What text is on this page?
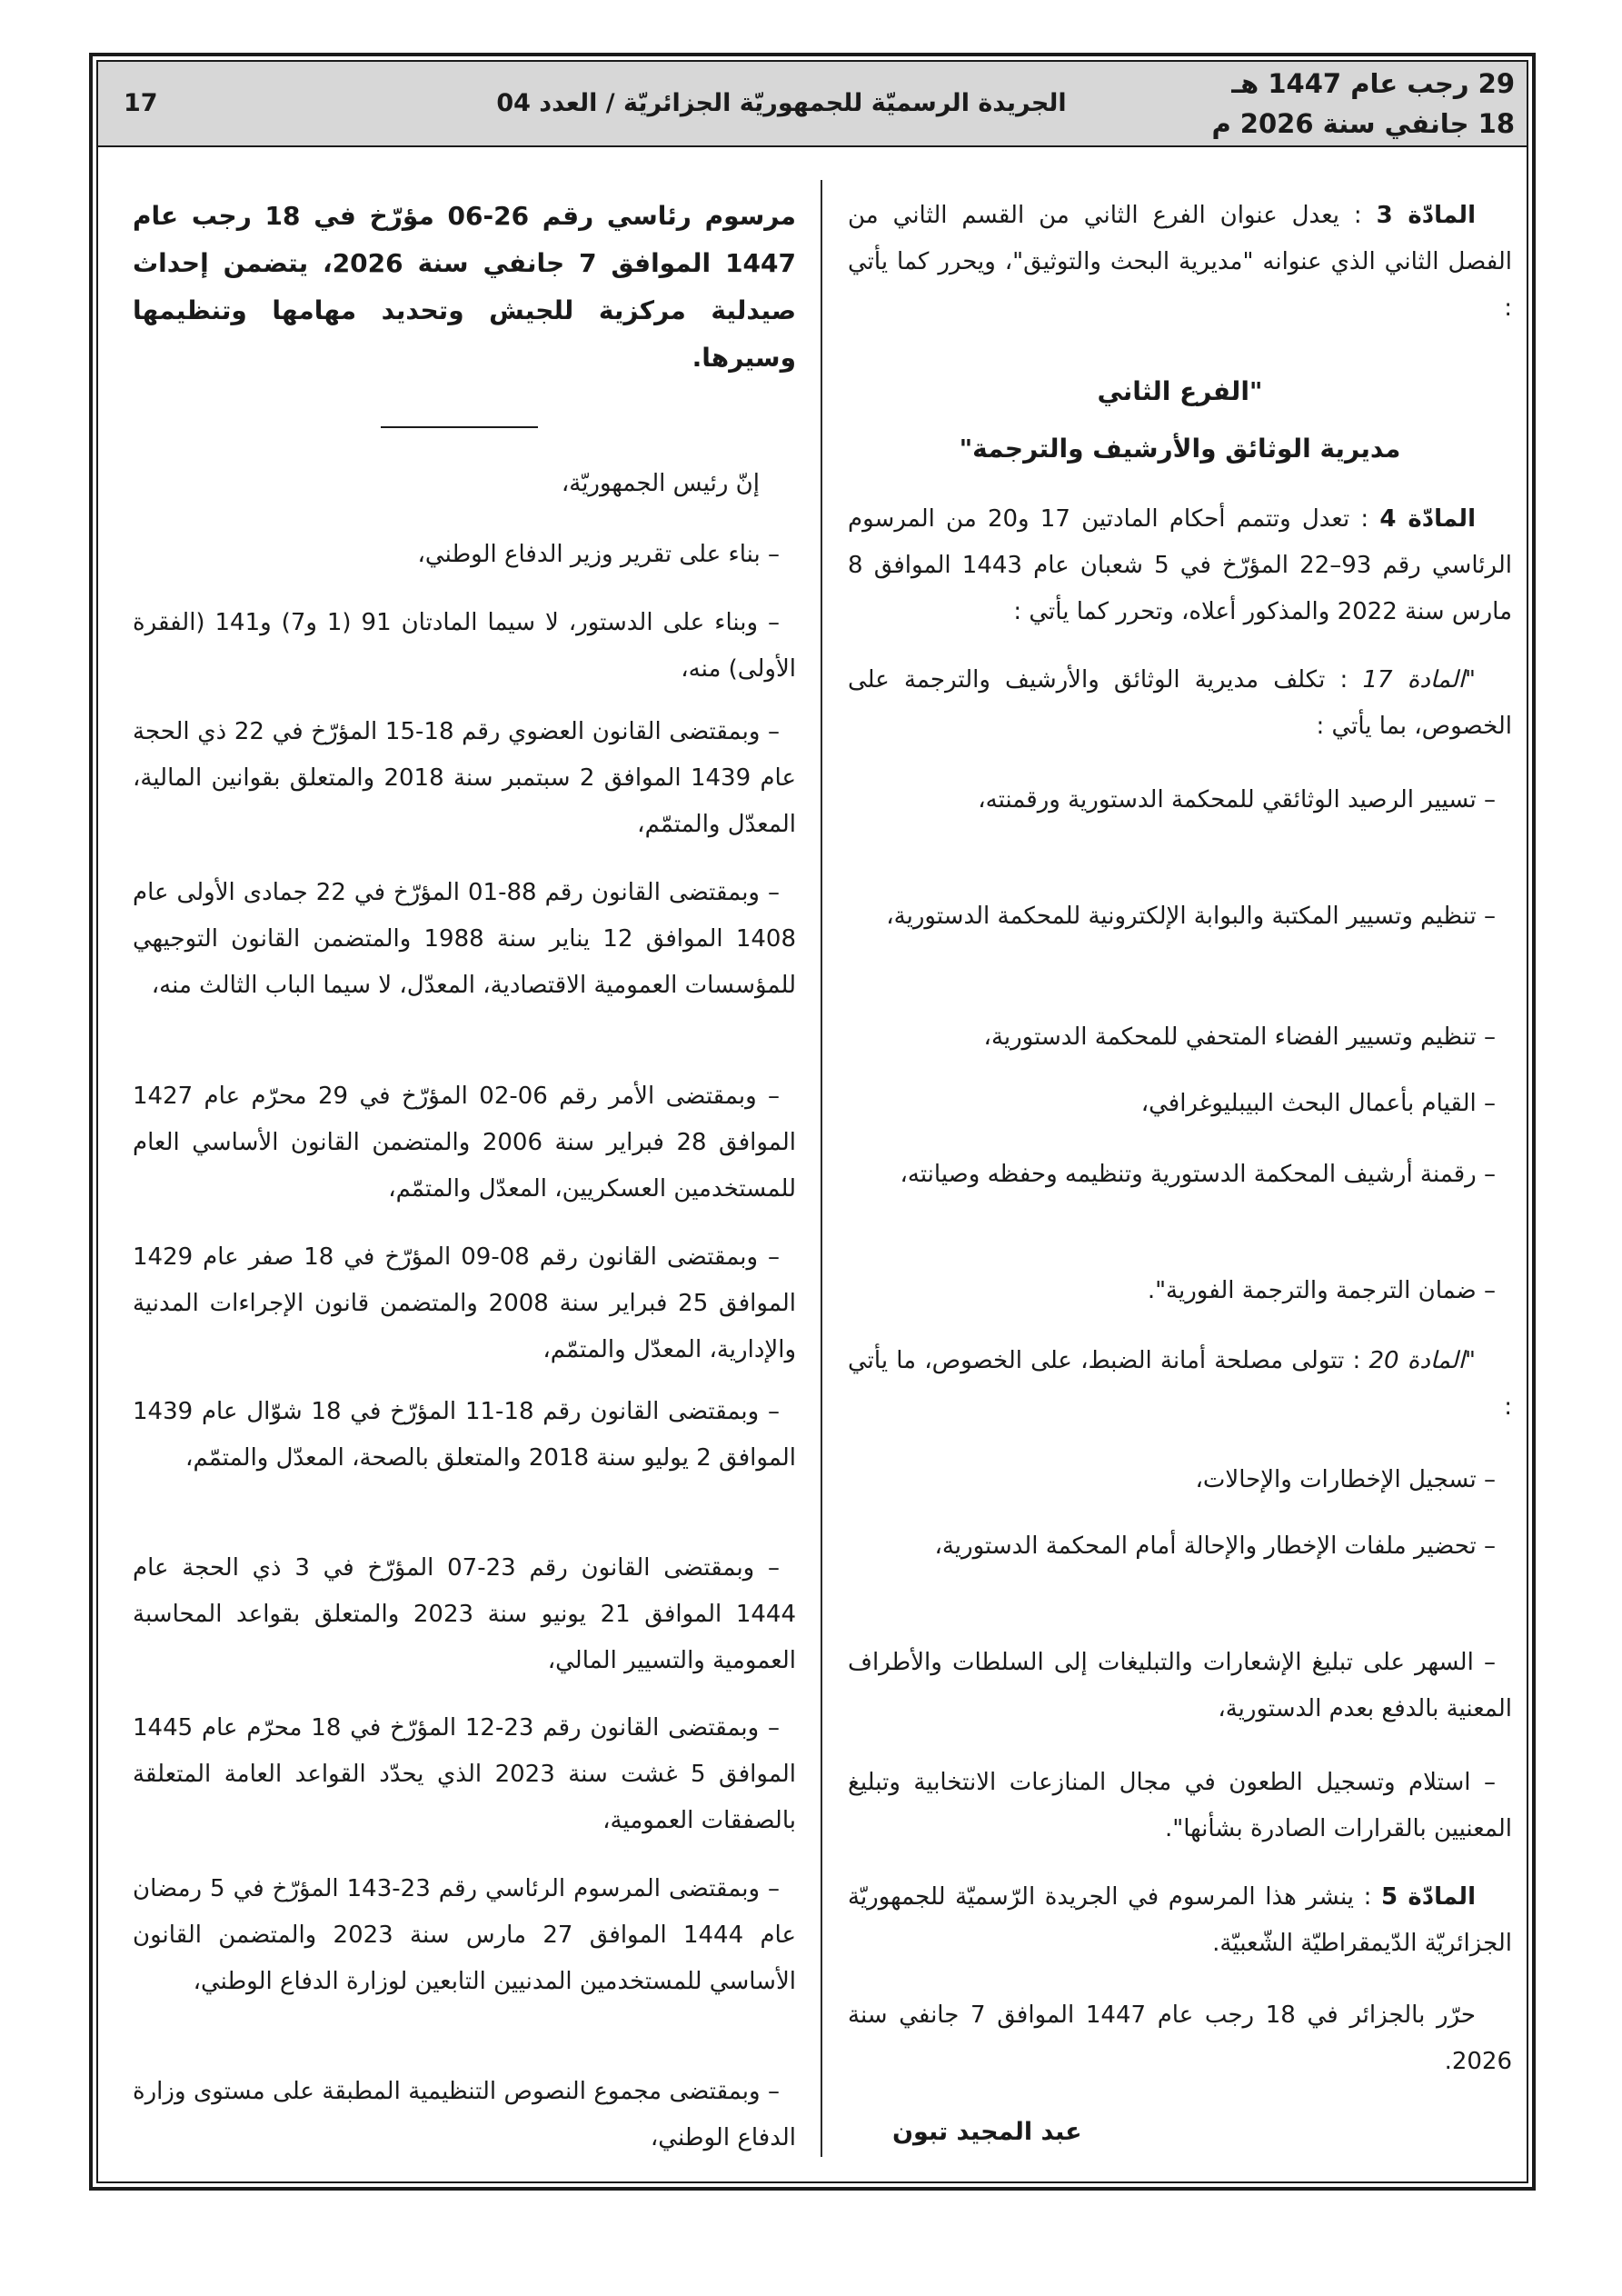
29 رجب عام 1447 هـ
18 جانفي سنة 2026 م
الجريدة الرسميّة للجمهوريّة الجزائريّة / العدد 04
17

المادّة 3 : يعدل عنوان الفرع الثاني من القسم الثاني من الفصل الثاني الذي عنوانه "مديرية البحث والتوثيق"، ويحرر كما يأتي :

"الفرع الثاني

مديرية الوثائق والأرشيف والترجمة"

المادّة 4 : تعدل وتتمم أحكام المادتين 17 و20 من المرسوم الرئاسي رقم ⁦22–93⁩ المؤرّخ في 5 شعبان عام 1443 الموافق 8 مارس سنة 2022 والمذكور أعلاه، وتحرر كما يأتي :

"المادة 17 : تكلف مديرية الوثائق والأرشيف والترجمة على الخصوص، بما يأتي :

– تسيير الرصيد الوثائقي للمحكمة الدستورية ورقمنته،

– تنظيم وتسيير المكتبة والبوابة الإلكترونية للمحكمة الدستورية،

– تنظيم وتسيير الفضاء المتحفي للمحكمة الدستورية،

– القيام بأعمال البحث البيبليوغرافي،

– رقمنة أرشيف المحكمة الدستورية وتنظيمه وحفظه وصيانته،

– ضمان الترجمة والترجمة الفورية".

"المادة 20 : تتولى مصلحة أمانة الضبط، على الخصوص، ما يأتي :

– تسجيل الإخطارات والإحالات،

– تحضير ملفات الإخطار والإحالة أمام المحكمة الدستورية،

– السهر على تبليغ الإشعارات والتبليغات إلى السلطات والأطراف المعنية بالدفع بعدم الدستورية،

– استلام وتسجيل الطعون في مجال المنازعات الانتخابية وتبليغ المعنيين بالقرارات الصادرة بشأنها".

المادّة 5 : ينشر هذا المرسوم في الجريدة الرّسميّة للجمهوريّة الجزائريّة الدّيمقراطيّة الشّعبيّة.

حرّر بالجزائر في 18 رجب عام 1447 الموافق 7 جانفي سنة 2026.

عبد المجيد تبون

مرسوم رئاسي رقم 26-06 مؤرّخ في 18 رجب عام 1447 الموافق 7 جانفي سنة 2026، يتضمن إحداث صيدلية مركزية للجيش وتحديد مهامها وتنظيمها وسيرها.

إنّ رئيس الجمهوريّة،

– بناء على تقرير وزير الدفاع الوطني،

– وبناء على الدستور، لا سيما المادتان 91 (1 و7) و141 (الفقرة الأولى) منه،

– وبمقتضى القانون العضوي رقم 18-15 المؤرّخ في 22 ذي الحجة عام 1439 الموافق 2 سبتمبر سنة 2018 والمتعلق بقوانين المالية، المعدّل والمتمّم،

– وبمقتضى القانون رقم 88-01 المؤرّخ في 22 جمادى الأولى عام 1408 الموافق 12 يناير سنة 1988 والمتضمن القانون التوجيهي للمؤسسات العمومية الاقتصادية، المعدّل، لا سيما الباب الثالث منه،

– وبمقتضى الأمر رقم 06-02 المؤرّخ في 29 محرّم عام 1427 الموافق 28 فبراير سنة 2006 والمتضمن القانون الأساسي العام للمستخدمين العسكريين، المعدّل والمتمّم،

– وبمقتضى القانون رقم 08-09 المؤرّخ في 18 صفر عام 1429 الموافق 25 فبراير سنة 2008 والمتضمن قانون الإجراءات المدنية والإدارية، المعدّل والمتمّم،

– وبمقتضى القانون رقم 18-11 المؤرّخ في 18 شوّال عام 1439 الموافق 2 يوليو سنة 2018 والمتعلق بالصحة، المعدّل والمتمّم،

– وبمقتضى القانون رقم 23-07 المؤرّخ في 3 ذي الحجة عام 1444 الموافق 21 يونيو سنة 2023 والمتعلق بقواعد المحاسبة العمومية والتسيير المالي،

– وبمقتضى القانون رقم 23-12 المؤرّخ في 18 محرّم عام 1445 الموافق 5 غشت سنة 2023 الذي يحدّد القواعد العامة المتعلقة بالصفقات العمومية،

– وبمقتضى المرسوم الرئاسي رقم 23-143 المؤرّخ في 5 رمضان عام 1444 الموافق 27 مارس سنة 2023 والمتضمن القانون الأساسي للمستخدمين المدنيين التابعين لوزارة الدفاع الوطني،

– وبمقتضى مجموع النصوص التنظيمية المطبقة على مستوى وزارة الدفاع الوطني،
